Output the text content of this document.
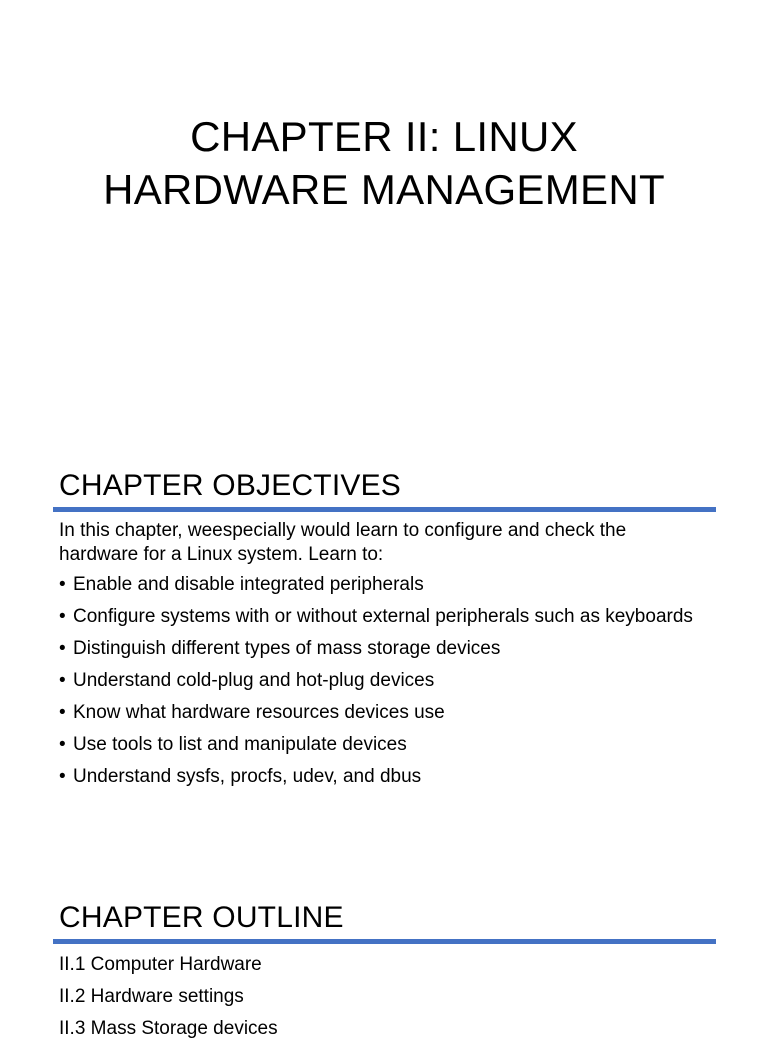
CHAPTER II: LINUX
HARDWARE MANAGEMENT
CHAPTER OBJECTIVES

In this chapter, weespecially would learn to configure and check the hardware for a Linux system. Learn to:

• Enable and disable integrated peripherals
• Configure systems with or without external peripherals such as keyboards
• Distinguish different types of mass storage devices
• Understand cold-plug and hot-plug devices
• Know what hardware resources devices use
• Use tools to list and manipulate devices
• Understand sysfs, procfs, udev, and dbus
CHAPTER OUTLINE
II.1 Computer Hardware
II.2 Hardware settings
II.3 Mass Storage devices
